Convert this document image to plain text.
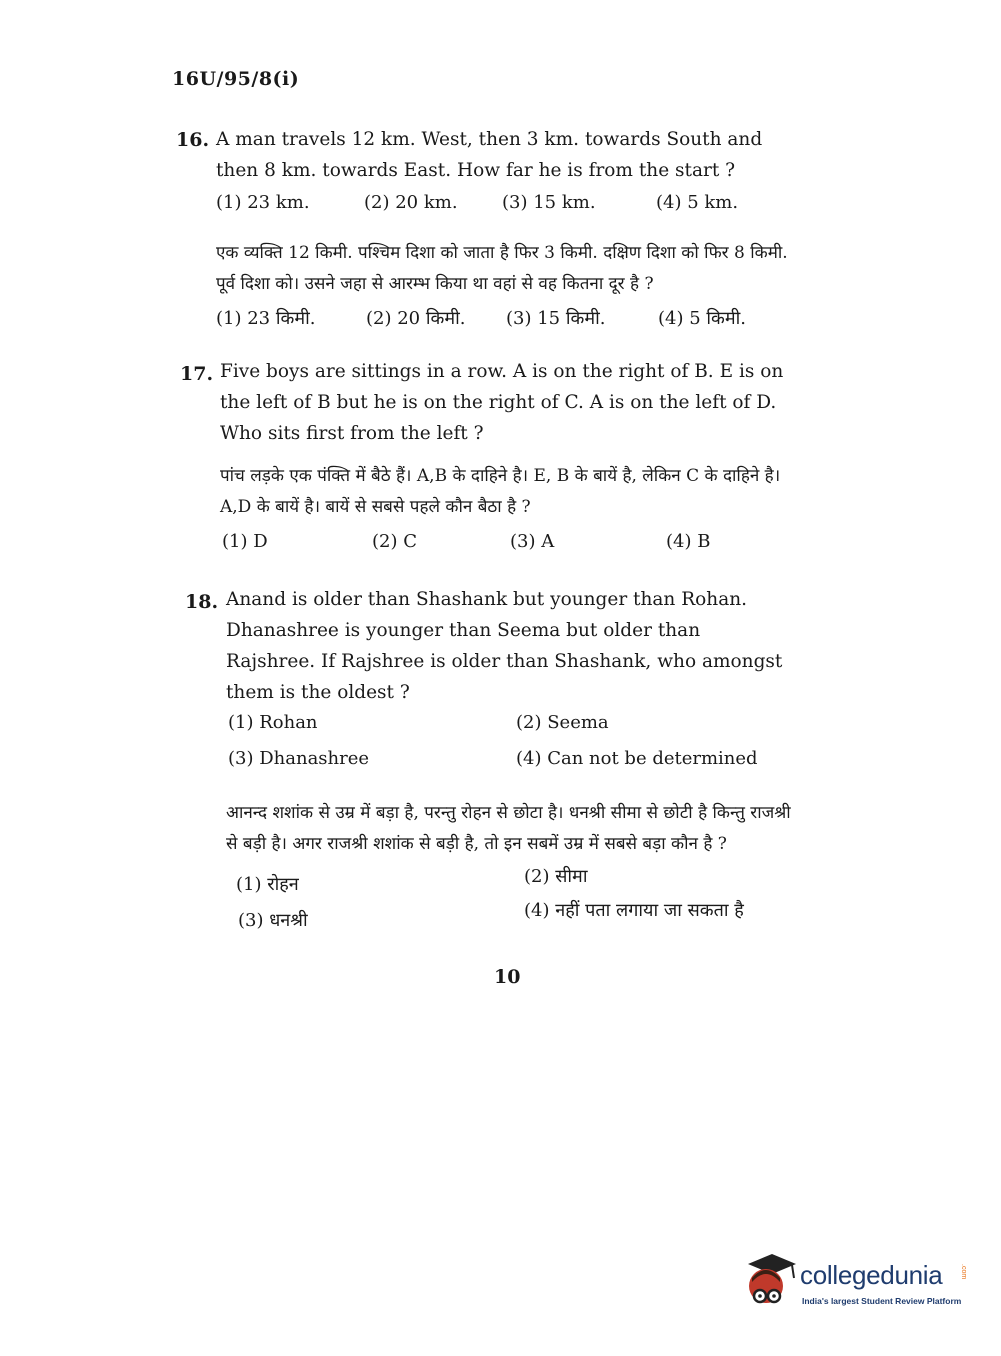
16U/95/8(i)
16. A man travels 12 km. West, then 3 km. towards South and then 8 km. towards East. How far he is from the start ?
(1) 23 km.	(2) 20 km. (3) 15 km.	(4) 5 km.
एक व्यक्ति 12 किमी. पश्चिम दिशा को जाता है फिर 3 किमी. दक्षिण दिशा को फिर 8 किमी. पूर्व दिशा को। उसने जहा से आरम्भ किया था वहां से वह कितना दूर है ?
(1) 23 किमी.	(2) 20 किमी. (3) 15 किमी.	(4) 5 किमी.
17. Five boys are sittings in a row. A is on the right of B. E is on the left of B but he is on the right of C. A is on the left of D. Who sits first from the left ?
पांच लड़के एक पंक्ति में बैठे हैं। A,B के दाहिने है। E, B के बायें है, लेकिन C के दाहिने है। A,D के बायें है। बायें से सबसे पहले कौन बैठा है ?
(1) D	(2) C	(3) A	(4) B
18. Anand is older than Shashank but younger than Rohan. Dhanashree is younger than Seema but older than Rajshree. If Rajshree is older than Shashank, who amongst them is the oldest ?
(1) Rohan	(2) Seema
(3) Dhanashree	(4) Can not be determined
आनन्द शशांक से उम्र में बड़ा है, परन्तु रोहन से छोटा है। धनश्री सीमा से छोटी है किन्तु राजश्री से बड़ी है। अगर राजश्री शशांक से बड़ी है, तो इन सबमें उम्र में सबसे बड़ा कौन है ?
(1) रोहन	(2) सीमा
(3) धनश्री	(4) नहीं पता लगाया जा सकता है
10
collegedunia	.com
India's largest Student Review Platform
